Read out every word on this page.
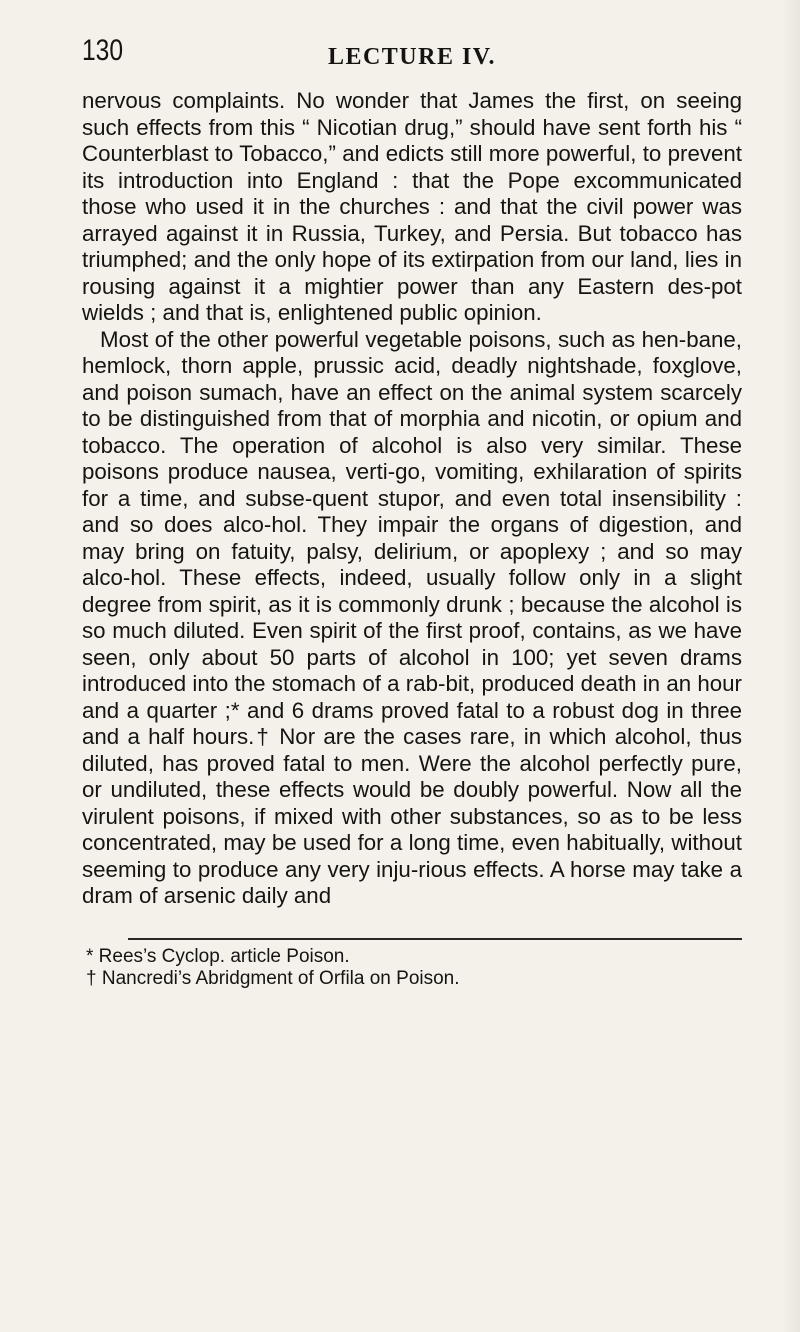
130	LECTURE IV.

nervous complaints. No wonder that James the first, on seeing such effects from this “ Nicotian drug,” should have sent forth his “ Counterblast to Tobacco,” and edicts still more powerful, to prevent its introduction into England : that the Pope excommunicated those who used it in the churches : and that the civil power was arrayed against it in Russia, Turkey, and Persia. But tobacco has triumphed; and the only hope of its extirpation from our land, lies in rousing against it a mightier power than any Eastern des-pot wields ; and that is, enlightened public opinion.

Most of the other powerful vegetable poisons, such as hen-bane, hemlock, thorn apple, prussic acid, deadly nightshade, foxglove, and poison sumach, have an effect on the animal system scarcely to be distinguished from that of morphia and nicotin, or opium and tobacco. The operation of alcohol is also very similar. These poisons produce nausea, verti-go, vomiting, exhilaration of spirits for a time, and subse-quent stupor, and even total insensibility : and so does alco-hol. They impair the organs of digestion, and may bring on fatuity, palsy, delirium, or apoplexy ; and so may alco-hol. These effects, indeed, usually follow only in a slight degree from spirit, as it is commonly drunk ; because the alcohol is so much diluted. Even spirit of the first proof, contains, as we have seen, only about 50 parts of alcohol in 100; yet seven drams introduced into the stomach of a rab-bit, produced death in an hour and a quarter ;* and 6 drams proved fatal to a robust dog in three and a half hours.† Nor are the cases rare, in which alcohol, thus diluted, has proved fatal to men. Were the alcohol perfectly pure, or undiluted, these effects would be doubly powerful. Now all the virulent poisons, if mixed with other substances, so as to be less concentrated, may be used for a long time, even habitually, without seeming to produce any very inju-rious effects. A horse may take a dram of arsenic daily and

* Rees’s Cyclop. article Poison.

† Nancredi’s Abridgment of Orfila on Poison.
